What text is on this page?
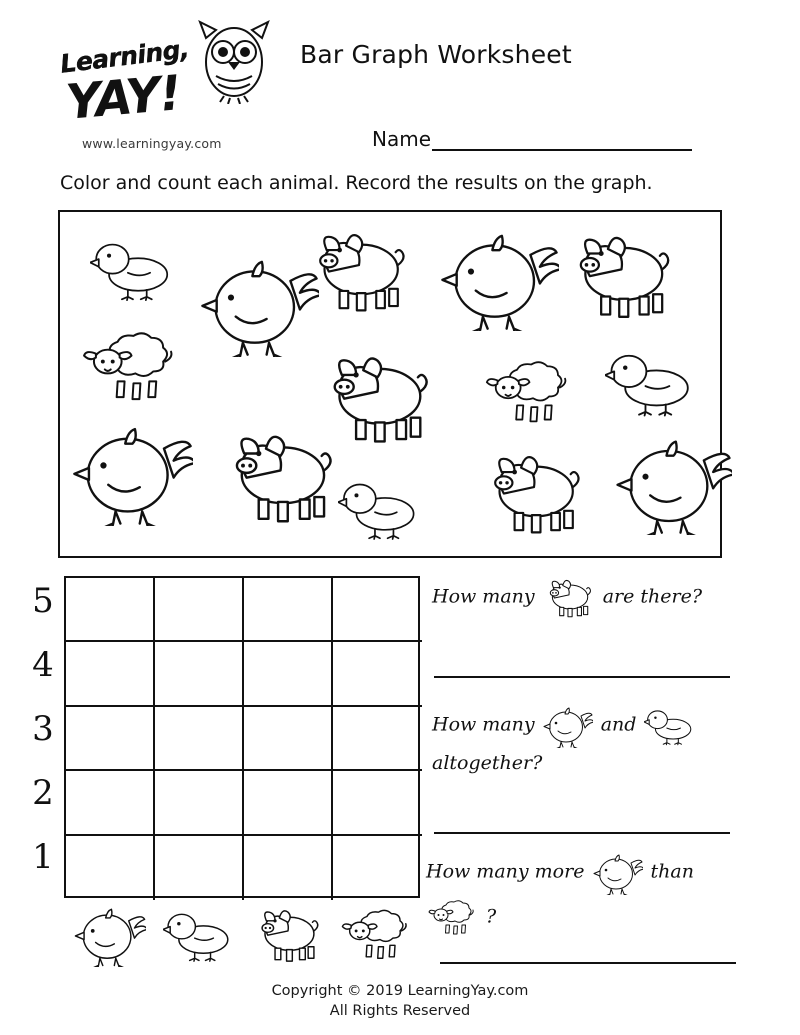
Learning,
YAY!
www.learningyay.com
Bar Graph Worksheet
Name
Color and count each animal. Record the results on the graph.
5
4
3
2
1
How many	are there?
How many	and

altogether?
How many more	than

?
Copyright © 2019 LearningYay.com
All Rights Reserved
